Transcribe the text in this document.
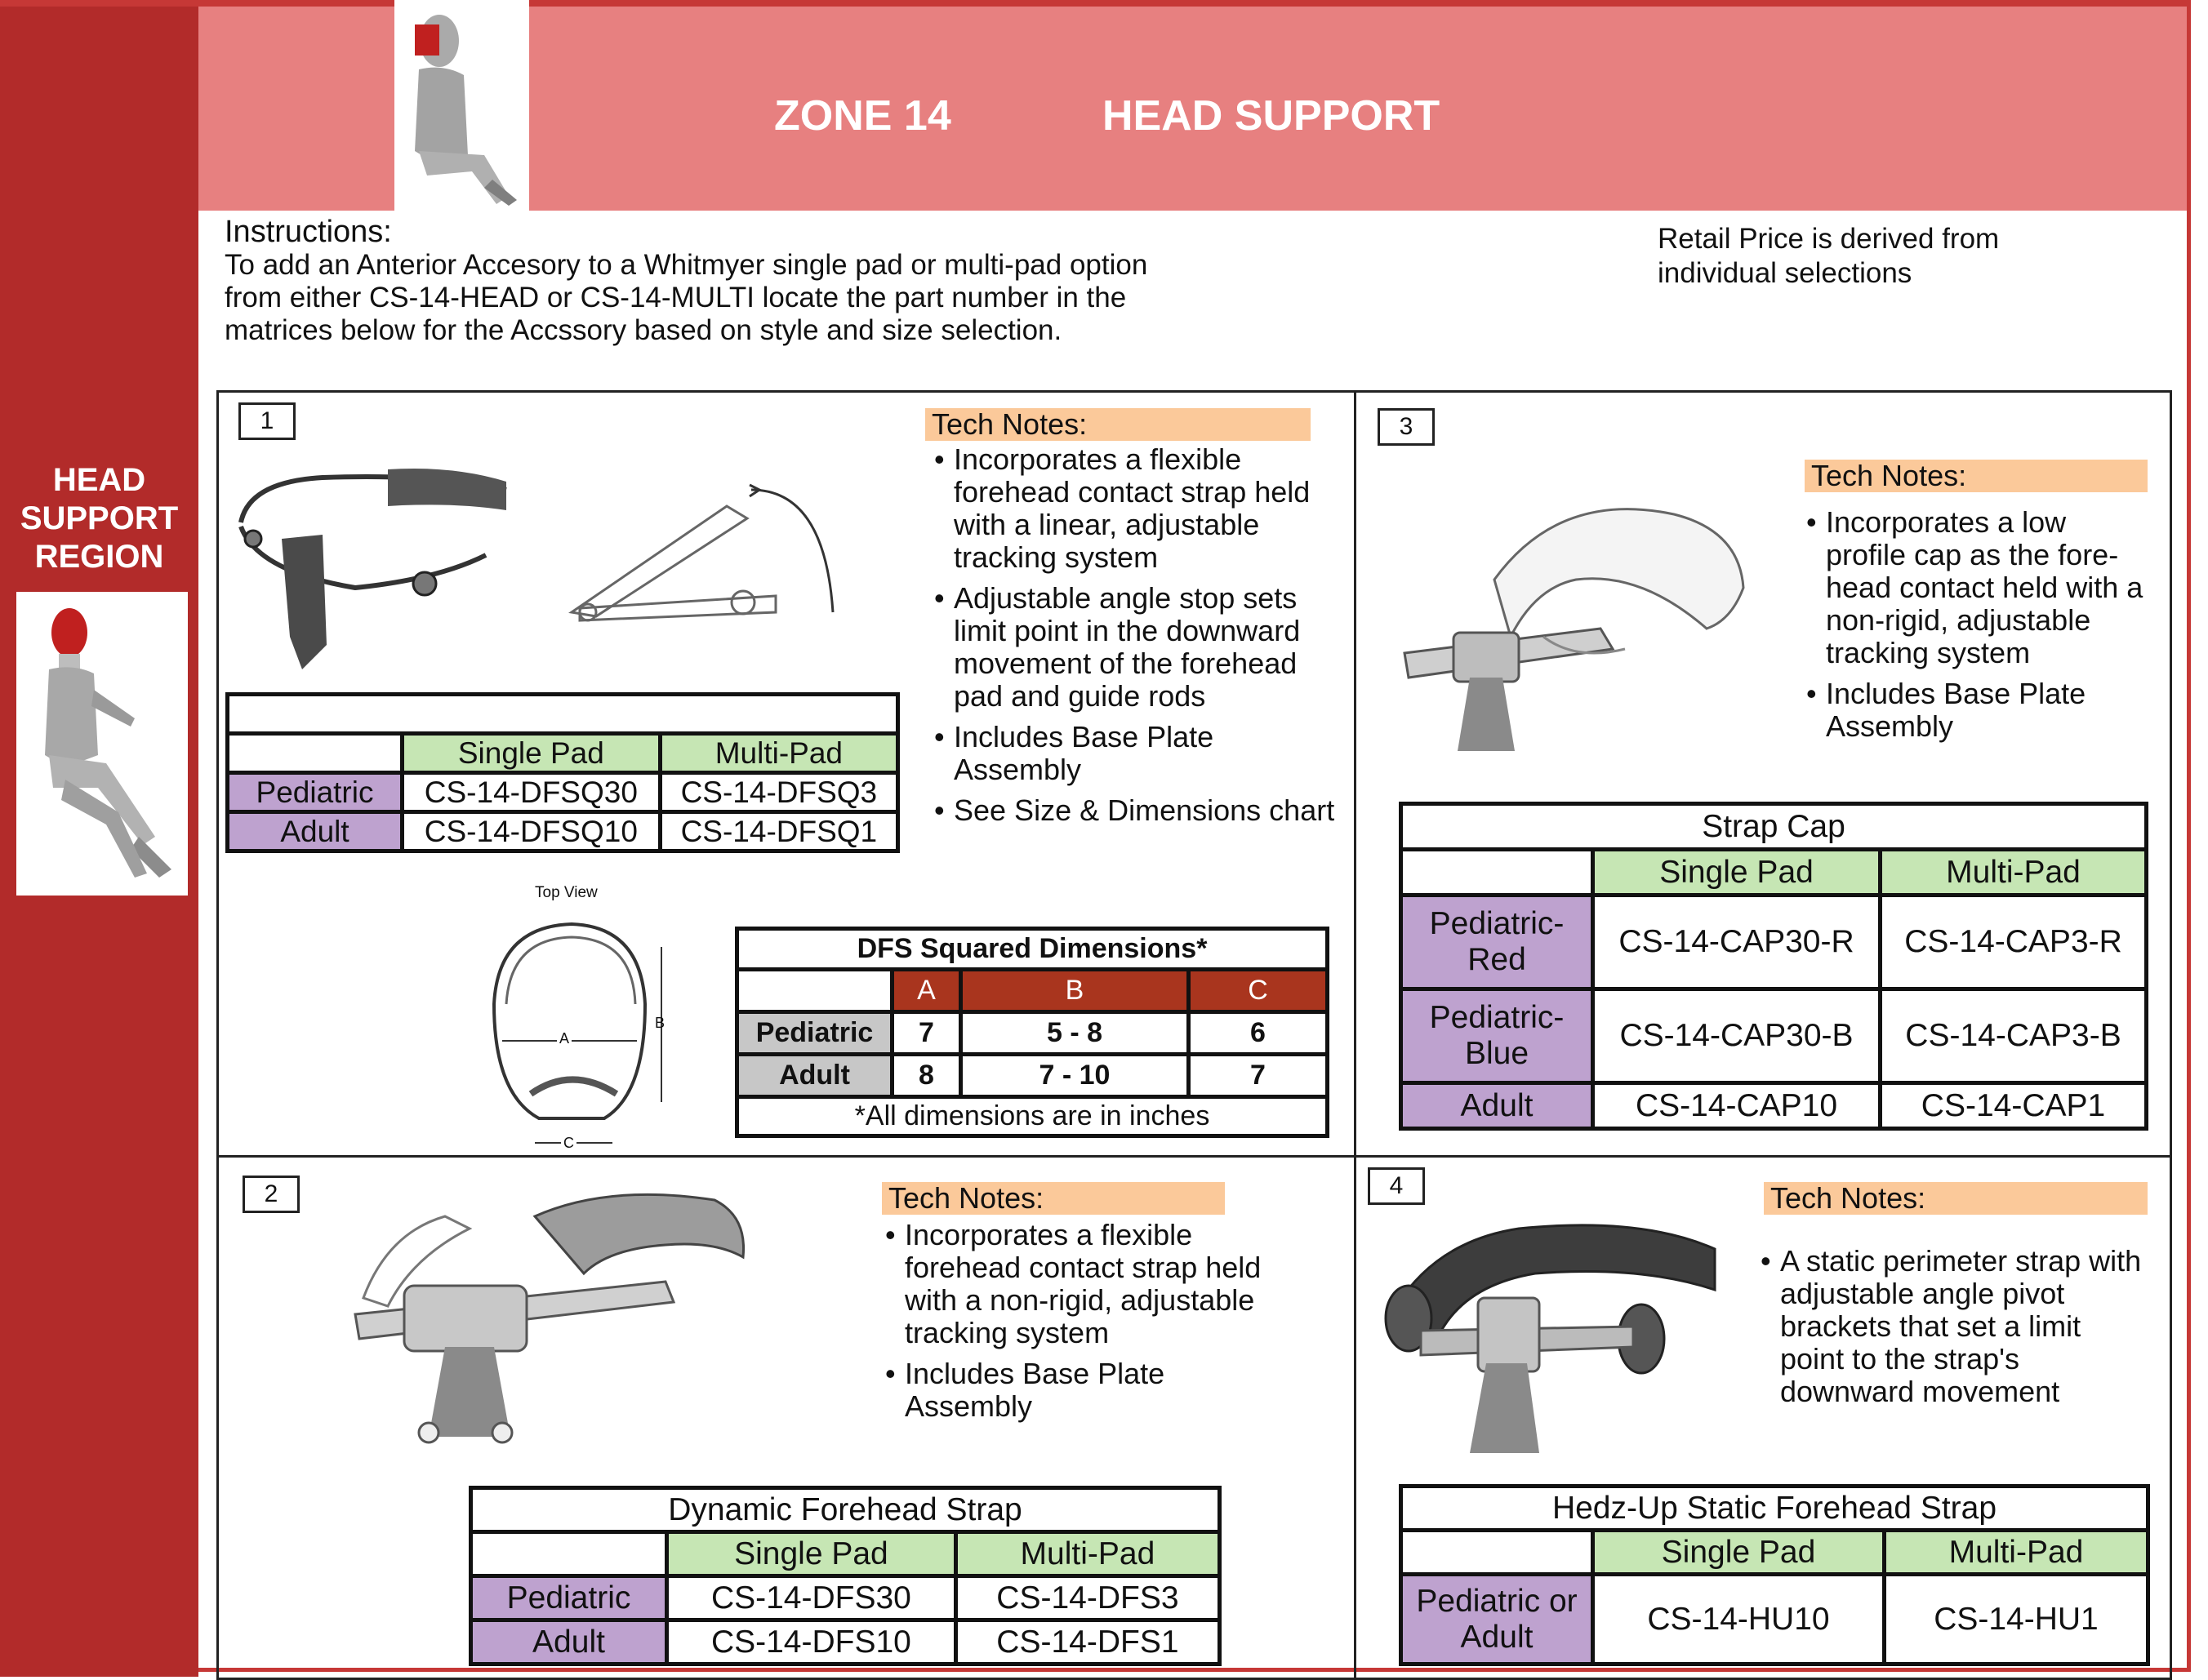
HEAD
SUPPORT
REGION
ZONE 14	HEAD SUPPORT
Instructions:
To add an Anterior Accesory to a Whitmyer single pad or multi-pad option from either CS-14-HEAD or CS-14-MULTI locate the part number in the matrices below for the Accssory based on style and size selection.
Retail Price is derived from
individual selections
1	Tech Notes:
• Incorporates a flexible forehead contact strap held with a linear, adjustable tracking system
• Adjustable angle stop sets limit point in the downward movement of the forehead pad and guide rods
• Includes Base Plate Assembly
• See Size & Dimensions chart

	Single Pad	Multi-Pad
Pediatric	CS-14-DFSQ30	CS-14-DFSQ3
Adult	CS-14-DFSQ10	CS-14-DFSQ1
Top View
A
B
C
DFS Squared Dimensions*			
	A	B	C
Pediatric	7	5 - 8	6
Adult	8	7 - 10	7
*All dimensions are in inches			
3
Tech Notes:
• Incorporates a low profile cap as the fore-head contact held with a non-rigid, adjustable tracking system
• Includes Base Plate Assembly
Strap Cap		
	Single Pad	Multi-Pad
Pediatric-Red	CS-14-CAP30-R	CS-14-CAP3-R
Pediatric-Blue	CS-14-CAP30-B	CS-14-CAP3-B
Adult	CS-14-CAP10	CS-14-CAP1
2	Tech Notes:
• Incorporates a flexible forehead contact strap held with a non-rigid, adjustable tracking system
• Includes Base Plate Assembly
Dynamic Forehead Strap		
	Single Pad	Multi-Pad
Pediatric	CS-14-DFS30	CS-14-DFS3
Adult	CS-14-DFS10	CS-14-DFS1
4	Tech Notes:
• A static perimeter strap with adjustable angle pivot brackets that set a limit point to the strap's downward movement
Hedz-Up Static Forehead Strap		
	Single Pad	Multi-Pad
Pediatric or Adult	CS-14-HU10	CS-14-HU1
